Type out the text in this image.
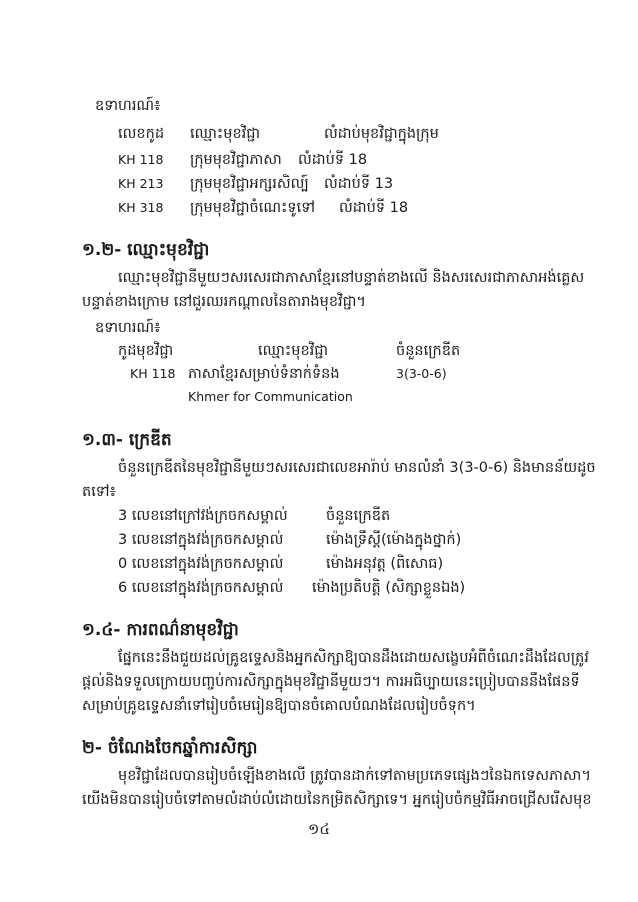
ឧទាហរណ៍៖
លេខកូដ ឈ្មោះមុខវិជ្ជា	លំដាប់មុខវិជ្ជាក្នុងក្រុម
KH 118 ក្រុមមុខវិជ្ជាភាសា លំដាប់ទី 18
KH 213 ក្រុមមុខវិជ្ជាអក្សរសិល្ប៍ លំដាប់ទី 13
KH 318 ក្រុមមុខវិជ្ជាចំណេះទូទៅ លំដាប់ទី 18
១.២- ឈ្មោះមុខវិជ្ជា
ឈ្មោះមុខវិជ្ជានីមួយៗសរសេរជាភាសាខ្មែរនៅបន្ទាត់ខាងលើ និងសរសេរជាភាសាអង់គ្លេស
បន្ទាត់ខាងក្រោម នៅជួរឈរកណ្ដាលនៃតារាងមុខវិជ្ជា។
ឧទាហរណ៍៖
កូដមុខវិជ្ជា	ឈ្មោះមុខវិជ្ជា	ចំនួនក្រេឌីត
KH 118 ភាសាខ្មែរសម្រាប់ទំនាក់ទំនង	3(3-0-6)
Khmer for Communication
១.៣- ក្រេឌីត
ចំនួនក្រេឌីតនៃមុខវិជ្ជានីមួយៗសរសេរជាលេខអារ៉ាប់ មានលំនាំ 3(3-0-6) និងមានន័យដូច
តទៅ៖
3 លេខនៅក្រៅវង់ក្រចកសម្គាល់	ចំនួនក្រេឌីត
3 លេខនៅក្នុងវង់ក្រចកសម្គាល់	ម៉ោងទ្រឹស្ដី(ម៉ោងក្នុងថ្នាក់)
0 លេខនៅក្នុងវង់ក្រចកសម្គាល់	ម៉ោងអនុវត្ត (ពិសោធ)
6 លេខនៅក្នុងវង់ក្រចកសម្គាល់ ម៉ោងប្រតិបត្តិ (សិក្សាខ្លួនឯង)
១.៤- ការពណ៌នាមុខវិជ្ជា
ផ្នែកនេះនឹងជួយដល់គ្រូឧទ្ទេសនិងអ្នកសិក្សាឱ្យបានដឹងដោយសង្ខេបអំពីចំណេះដឹងដែលត្រូវ
ផ្ដល់និងទទួលក្រោយបញ្ចប់ការសិក្សាក្នុងមុខវិជ្ជានីមួយៗ។ ការអធិប្បាយនេះប្រៀបបាននឹងផែនទី
សម្រាប់គ្រូឧទ្ទេសនាំទៅរៀបចំមេរៀនឱ្យបានចំគោលបំណងដែលរៀបចំទុក។
២- ចំណែងចែកឆ្នាំការសិក្សា
មុខវិជ្ជាដែលបានរៀបចំឡើងខាងលើ ត្រូវបានដាក់ទៅតាមប្រភេទផ្សេងៗនៃឯកទេសភាសា។
យើងមិនបានរៀបចំទៅតាមលំដាប់លំដោយនៃកម្រិតសិក្សាទេ។ អ្នករៀបចំកម្មវិធីអាចជ្រើសរើសមុខ
១៤
